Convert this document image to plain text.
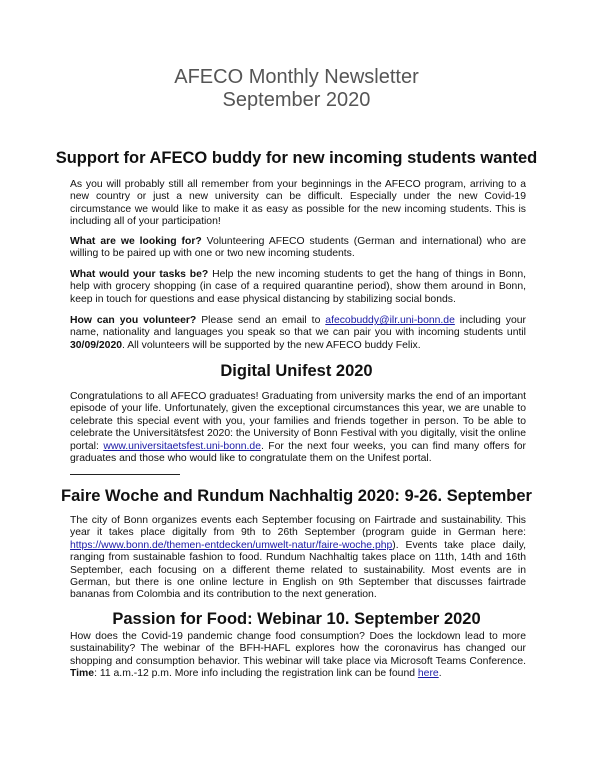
AFECO Monthly Newsletter
September 2020
Support for AFECO buddy for new incoming students wanted

As you will probably still all remember from your beginnings in the AFECO program, arriving to a new country or just a new university can be difficult. Especially under the new Covid-19 circumstance we would like to make it as easy as possible for the new incoming students. This is including all of your participation!

What are we looking for? Volunteering AFECO students (German and international) who are willing to be paired up with one or two new incoming students.

What would your tasks be? Help the new incoming students to get the hang of things in Bonn, help with grocery shopping (in case of a required quarantine period), show them around in Bonn, keep in touch for questions and ease physical distancing by stabilizing social bonds.

How can you volunteer? Please send an email to afecobuddy@ilr.uni-bonn.de including your name, nationality and languages you speak so that we can pair you with incoming students until 30/09/2020. All volunteers will be supported by the new AFECO buddy Felix.

Digital Unifest 2020

Congratulations to all AFECO graduates! Graduating from university marks the end of an important episode of your life. Unfortunately, given the exceptional circumstances this year, we are unable to celebrate this special event with you, your families and friends together in person. To be able to celebrate the Universitätsfest 2020: the University of Bonn Festival with you digitally, visit the online portal: www.universitaetsfest.uni-bonn.de. For the next four weeks, you can find many offers for graduates and those who would like to congratulate them on the Unifest portal.

Faire Woche and Rundum Nachhaltig 2020: 9-26. September

The city of Bonn organizes events each September focusing on Fairtrade and sustainability. This year it takes place digitally from 9th to 26th September (program guide in German here: https://www.bonn.de/themen-entdecken/umwelt-natur/faire-woche.php). Events take place daily, ranging from sustainable fashion to food. Rundum Nachhaltig takes place on 11th, 14th and 16th September, each focusing on a different theme related to sustainability. Most events are in German, but there is one online lecture in English on 9th September that discusses fairtrade bananas from Colombia and its contribution to the next generation.

Passion for Food: Webinar 10. September 2020

How does the Covid-19 pandemic change food consumption? Does the lockdown lead to more sustainability? The webinar of the BFH-HAFL explores how the coronavirus has changed our shopping and consumption behavior. This webinar will take place via Microsoft Teams Conference. Time: 11 a.m.-12 p.m. More info including the registration link can be found here.
